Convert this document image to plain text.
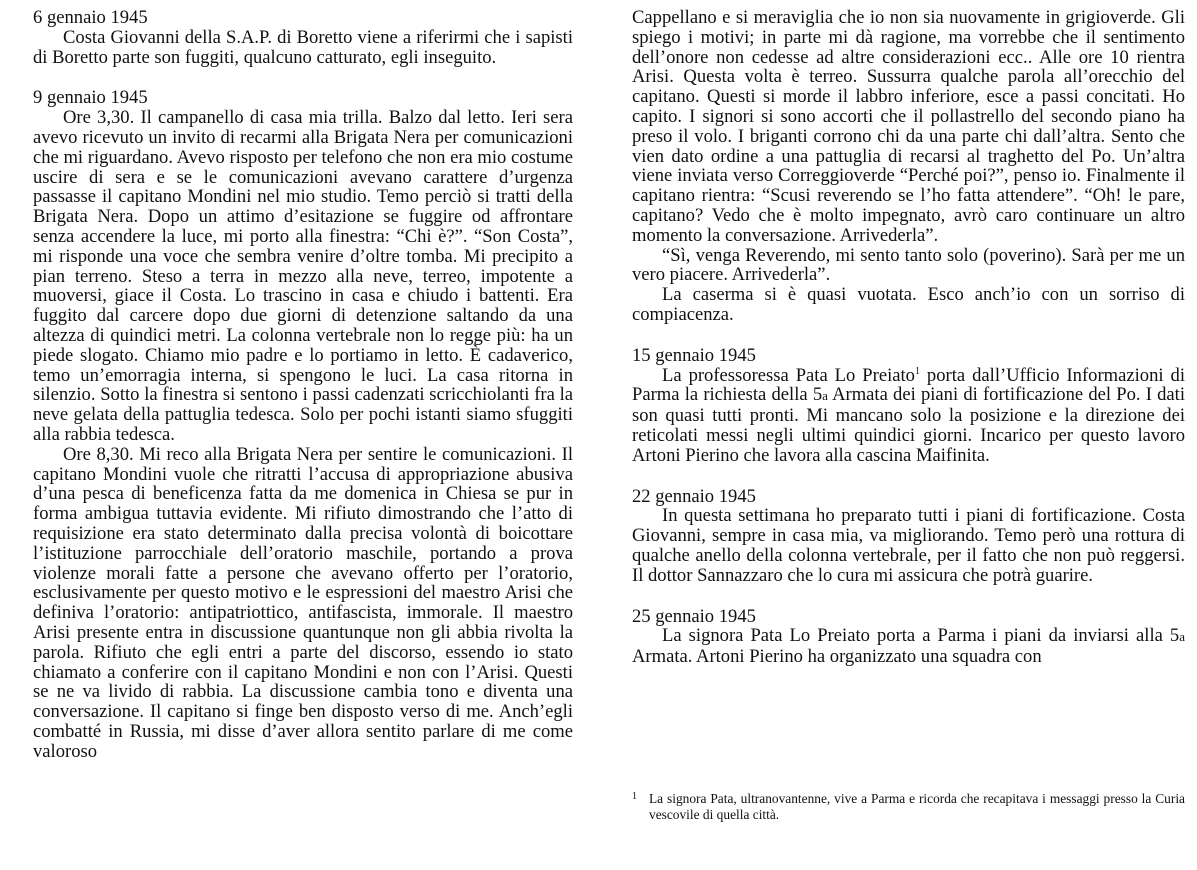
6 gennaio 1945

Costa Giovanni della S.A.P. di Boretto viene a riferirmi che i sapisti di Boretto parte son fuggiti, qualcuno catturato, egli inseguito.

9 gennaio 1945

Ore 3,30. Il campanello di casa mia trilla. Balzo dal letto. Ieri sera avevo ricevuto un invito di recarmi alla Brigata Nera per comunicazioni che mi riguardano. Avevo risposto per telefono che non era mio costume uscire di sera e se le comunicazioni avevano carattere d’urgenza passasse il capitano Mondini nel mio studio. Temo perciò si tratti della Brigata Nera. Dopo un attimo d’esitazione se fuggire od affrontare senza accendere la luce, mi porto alla finestra: “Chi è?”. “Son Costa”, mi risponde una voce che sembra venire d’oltre tomba. Mi precipito a pian terreno. Steso a terra in mezzo alla neve, terreo, impotente a muoversi, giace il Costa. Lo trascino in casa e chiudo i battenti. Era fuggito dal carcere dopo due giorni di detenzione saltando da una altezza di quindici metri. La colonna vertebrale non lo regge più: ha un piede slogato. Chiamo mio padre e lo portiamo in letto. È cadaverico, temo un’emorragia interna, si spengono le luci. La casa ritorna in silenzio. Sotto la finestra si sentono i passi cadenzati scricchiolanti fra la neve gelata della pattuglia tedesca. Solo per pochi istanti siamo sfuggiti alla rabbia tedesca.

Ore 8,30. Mi reco alla Brigata Nera per sentire le comunicazioni. Il capitano Mondini vuole che ritratti l’accusa di appropriazione abusiva d’una pesca di beneficenza fatta da me domenica in Chiesa se pur in forma ambigua tuttavia evidente. Mi rifiuto dimostrando che l’atto di requisizione era stato determinato dalla precisa volontà di boicottare l’istituzione parrocchiale dell’oratorio maschile, portando a prova violenze morali fatte a persone che avevano offerto per l’oratorio, esclusivamente per questo motivo e le espressioni del maestro Arisi che definiva l’oratorio: antipatriottico, antifascista, immorale. Il maestro Arisi presente entra in discussione quantunque non gli abbia rivolta la parola. Rifiuto che egli entri a parte del discorso, essendo io stato chiamato a conferire con il capitano Mondini e non con l’Arisi. Questi se ne va livido di rabbia. La discussione cambia tono e diventa una conversazione. Il capitano si finge ben disposto verso di me. Anch’egli combatté in Russia, mi disse d’aver allora sentito parlare di me come valoroso

Cappellano e si meraviglia che io non sia nuovamente in grigioverde. Gli spiego i motivi; in parte mi dà ragione, ma vorrebbe che il sentimento dell’onore non cedesse ad altre considerazioni ecc.. Alle ore 10 rientra Arisi. Questa volta è terreo. Sussurra qualche parola all’orecchio del capitano. Questi si morde il labbro inferiore, esce a passi concitati. Ho capito. I signori si sono accorti che il pollastrello del secondo piano ha preso il volo. I briganti corrono chi da una parte chi dall’altra. Sento che vien dato ordine a una pattuglia di recarsi al traghetto del Po. Un’altra viene inviata verso Correggioverde “Perché poi?”, penso io. Finalmente il capitano rientra: “Scusi reverendo se l’ho fatta attendere”. “Oh! le pare, capitano? Vedo che è molto impegnato, avrò caro continuare un altro momento la conversazione. Arrivederla”.

“Sì, venga Reverendo, mi sento tanto solo (poverino). Sarà per me un vero piacere. Arrivederla”.

La caserma si è quasi vuotata. Esco anch’io con un sorriso di compiacenza.

15 gennaio 1945

La professoressa Pata Lo Preiato$^1$ porta dall’Ufficio Informazioni di Parma la richiesta della 5a Armata dei piani di fortificazione del Po. I dati son quasi tutti pronti. Mi mancano solo la posizione e la direzione dei reticolati messi negli ultimi quindici giorni. Incarico per questo lavoro Artoni Pierino che lavora alla cascina Maifinita.

22 gennaio 1945

In questa settimana ho preparato tutti i piani di fortificazione. Costa Giovanni, sempre in casa mia, va migliorando. Temo però una rottura di qualche anello della colonna vertebrale, per il fatto che non può reggersi. Il dottor Sannazzaro che lo cura mi assicura che potrà guarire.

25 gennaio 1945

La signora Pata Lo Preiato porta a Parma i piani da inviarsi alla 5a Armata. Artoni Pierino ha organizzato una squadra con

1 La signora Pata, ultranovantenne, vive a Parma e ricorda che recapitava i messaggi presso la Curia vescovile di quella città.
